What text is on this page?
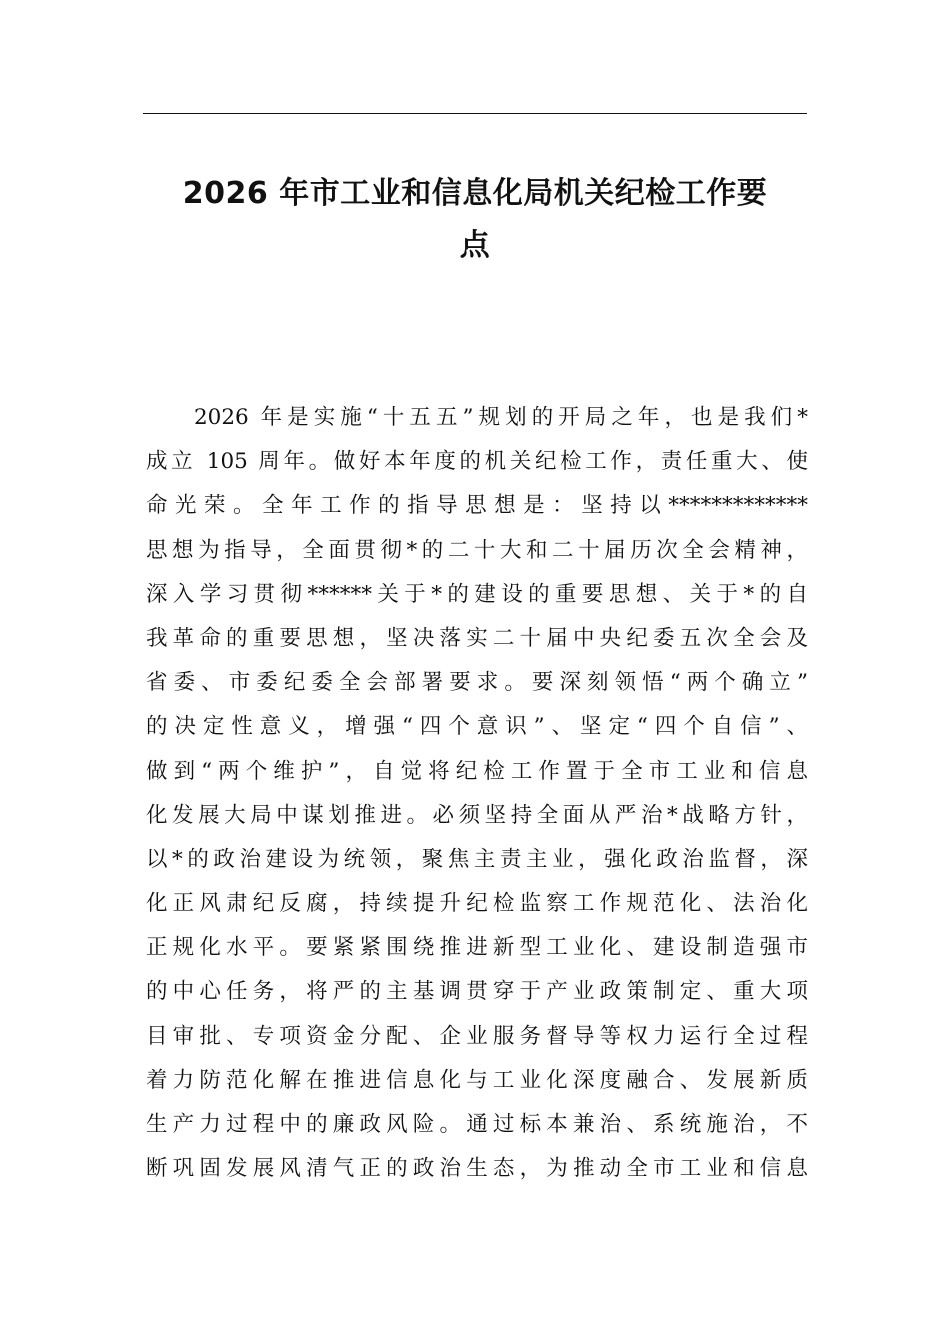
2026 年市工业和信息化局机关纪检工作要
点

2026 年是实施“十五五”规划的开局之年，也是我们*
成立 105 周年。做好本年度的机关纪检工作，责任重大、使
命光荣。全年工作的指导思想是：坚持以*************
思想为指导，全面贯彻*的二十大和二十届历次全会精神，
深入学习贯彻******关于*的建设的重要思想、关于*的自
我革命的重要思想，坚决落实二十届中央纪委五次全会及
省委、市委纪委全会部署要求。要深刻领悟“两个确立”
的决定性意义，增强“四个意识”、坚定“四个自信”、
做到“两个维护”，自觉将纪检工作置于全市工业和信息
化发展大局中谋划推进。必须坚持全面从严治*战略方针，
以*的政治建设为统领，聚焦主责主业，强化政治监督，深
化正风肃纪反腐，持续提升纪检监察工作规范化、法治化
正规化水平。要紧紧围绕推进新型工业化、建设制造强市
的中心任务，将严的主基调贯穿于产业政策制定、重大项
目审批、专项资金分配、企业服务督导等权力运行全过程
着力防范化解在推进信息化与工业化深度融合、发展新质
生产力过程中的廉政风险。通过标本兼治、系统施治，不
断巩固发展风清气正的政治生态，为推动全市工业和信息
